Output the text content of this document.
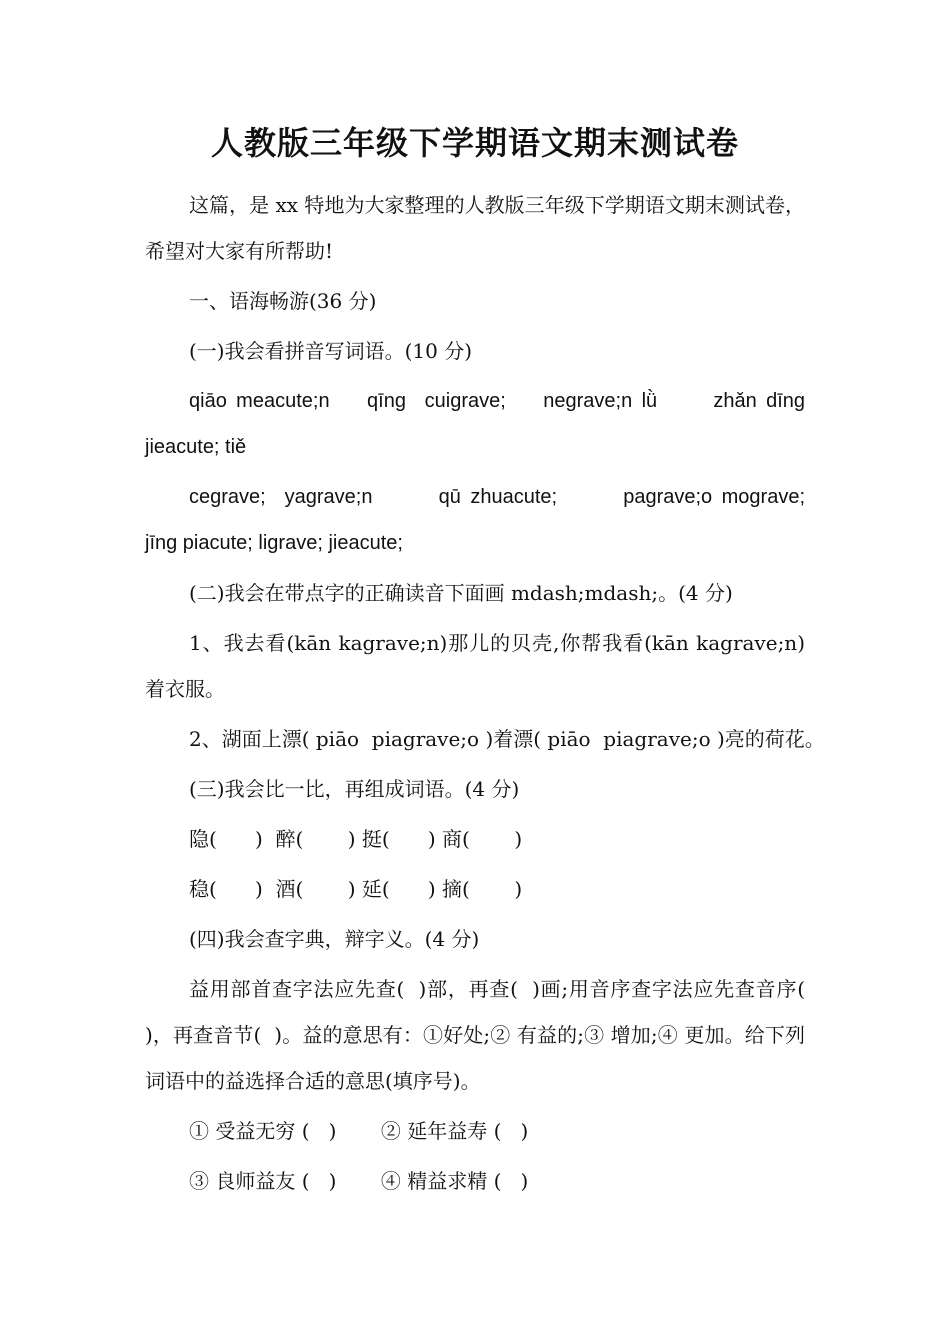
人教版三年级下学期语文期末测试卷

这篇，是 xx 特地为大家整理的人教版三年级下学期语文期末测试卷，希望对大家有所帮助!

一、语海畅游(36 分)

(一)我会看拼音写词语。(10 分)

qiāo meacute;n    qīng  cuigrave;    negrave;n lǜ      zhǎn dīng jieacute; tiě

cegrave;  yagrave;n       qū zhuacute;       pagrave;o mograve;         jīng piacute; ligrave; jieacute;

(二)我会在带点字的正确读音下面画 mdash;mdash;。(4 分)

1、我去看(kān kagrave;n)那儿的贝壳,你帮我看(kān kagrave;n)着衣服。

2、湖面上漂( piāo  piagrave;o )着漂( piāo  piagrave;o )亮的荷花。

(三)我会比一比，再组成词语。(4 分)

隐(      )  醉(       ) 挺(      ) 商(       )

稳(      )  酒(       ) 延(      ) 摘(       )

(四)我会查字典，辩字义。(4 分)

益用部首查字法应先查(  )部，再查(  )画;用音序查字法应先查音序(  )，再查音节(  )。益的意思有：①好处;② 有益的;③ 增加;④ 更加。给下列词语中的益选择合适的意思(填序号)。

① 受益无穷 (   )       ② 延年益寿 (   )

③ 良师益友 (   )       ④ 精益求精 (   )
